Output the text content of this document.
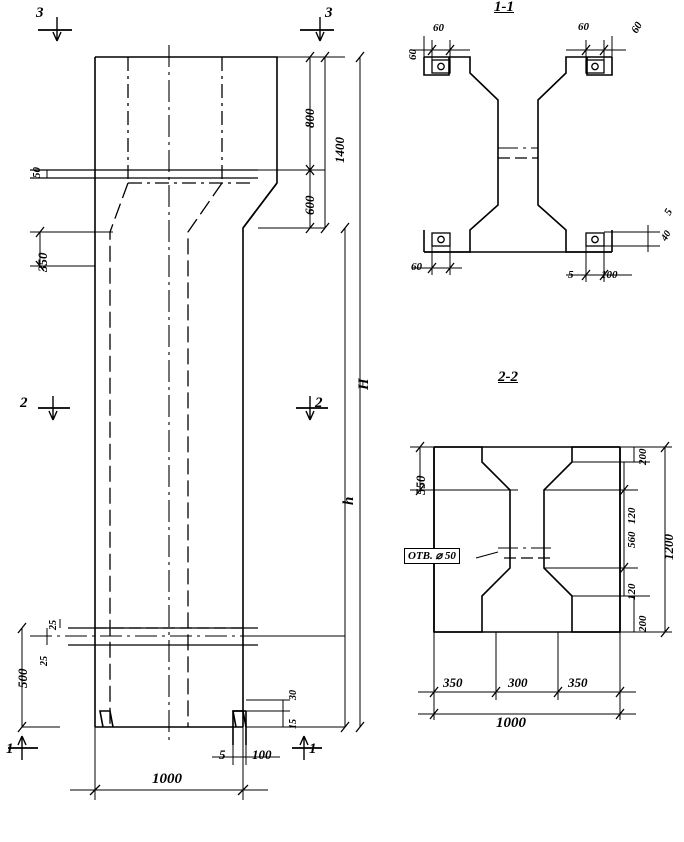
3	3
2	2
1	1
1-1
2-2
800
1400
600
H
h
50
350
25
25
500
1000
5 100
30
15
60
60	60	60
60
5	100
5
40
550
200
120
560
120
200
1200
350	300	350
1000
ОТВ. ⌀ 50
